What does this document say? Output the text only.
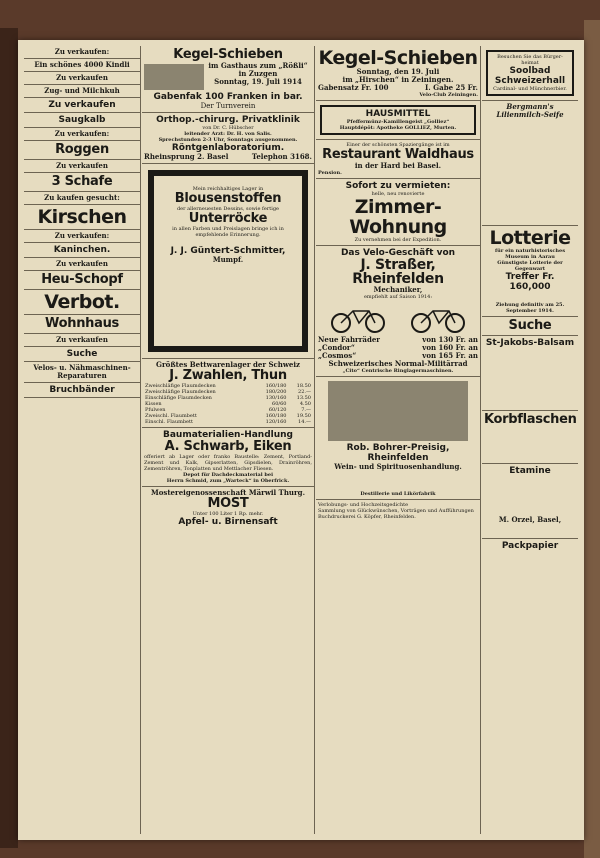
Zu verkaufen:
Ein schönes 4000 Kindli
Zu verkaufen
Zug- und Milchkuh
Zu verkaufen
Saugkalb
Zu verkaufen:
Roggen
Zu verkaufen
3 Schafe
Zu kaufen gesucht:
Kirschen
Zu verkaufen:
Kaninchen.
Zu verkaufen
Heu-Schopf
Verbot.
Wohnhaus
Zu verkaufen
Suche
Velos- u. Nähmaschinen-Reparaturen
Bruchbänder
Kegel-Schieben
im Gasthaus zum „Rößli“ in Zuzgen
Sonntag, 19. Juli 1914
Gabenfak 100 Franken in bar.
Der Turnverein
Orthop.-chirurg. Privatklinik
von Dr. C. Hübscher
leitender Arzt: Dr. H. von Salis.
Sprechstunden 2-3 Uhr, Sonntags ausgenommen.
Röntgenlaboratorium.
Rheinsprung 2. Basel	Telephon 3168.
Mein reichhaltiges Lager in
Blousenstoffen
der allerneuesten Dessins, sowie fertige
Unterröcke
in allen Farben und Preislagen bringe ich in empfehlende Erinnerung.
J. J. Güntert-Schmitter,
Mumpf.
Größtes Bettwarenlager der Schweiz
J. Zwahlen, Thun
Zweischläfige Flaumdecken	160/180	18.50
Zweischläfige Flaumdecken	180/200	22.—
Einschläfige Flaumdecken	130/160	13.50
Kissen	60/60	4.50
Pfulwen	60/120	7.—
Zweischl. Flaumbett	160/180	19.50
Einschl. Flaumbett	120/160	14.—
Baumaterialien-Handlung
A. Schwarb, Eiken
offeriert ab Lager oder franko Baustelle: Zement, Portland-Zement und Kalk, Gipserlatten, Gipsdielen, Drainröhren, Zementröhren, Tonplatten und Mettlacher Fliesen.
Depot für Dachdeckmaterial bei
Herrn Schmid, zum „Warteck“ in Oberfrick.
Mostereigenossenschaft Märwil Thurg.
MOST
Unter 100 Liter 1 Rp. mehr.
Apfel- u. Birnensaft
Kegel-Schieben
Sonntag, den 19. Juli
im „Hirschen“ in Zeiningen.
Gabensatz Fr. 100	I. Gabe 25 Fr.
Velo-Club Zeiningen.
HAUSMITTEL
Pfeffermünz-Kamillengeist „Golliez“
Hauptdépôt: Apotheke GOLLIEZ, Murten.
Einer der schönsten Spaziergänge ist im
Restaurant Waldhaus
in der Hard bei Basel.
Pension.
Sofort zu vermieten:
helle, neu renovierte
Zimmer-Wohnung
Zu vernehmen bei der Expedition.
Das Velo-Geschäft von
J. Straßer, Rheinfelden
Mechaniker,
empfiehlt auf Saison 1914:
Neue Fahrräder	von 130 Fr. an
„Condor“	von 160 Fr. an
„Cosmos“	von 165 Fr. an
Schweizerisches Normal-Militärrad
„Cito“ Centrische Ringlagermaschinen.
Rob. Bohrer-Preisig, Rheinfelden
Wein- und Spirituosenhandlung.
Destillerie und Likörfabrik
Verlobungs- und Hochzeitsgedichte
Sammlung von Glückwünschen, Vorträgen und Aufführungen
Buchdruckerei G. Köpfer, Rheinfelden.
Besuchen Sie das Bürger-heimat
Soolbad Schweizerhall
Cardinal- und Münchnerbier.
Bergmann's Lilienmilch-Seife
Lotterie
für ein naturhistorisches Museum in Aarau
Günstigste Lotterie der Gegenwart
Treffer Fr. 160,000
Ziehung definitiv am 25. September 1914.
Suche
St-Jakobs-Balsam
Korbflaschen
Etamine
M. Orzel, Basel,
Packpapier
